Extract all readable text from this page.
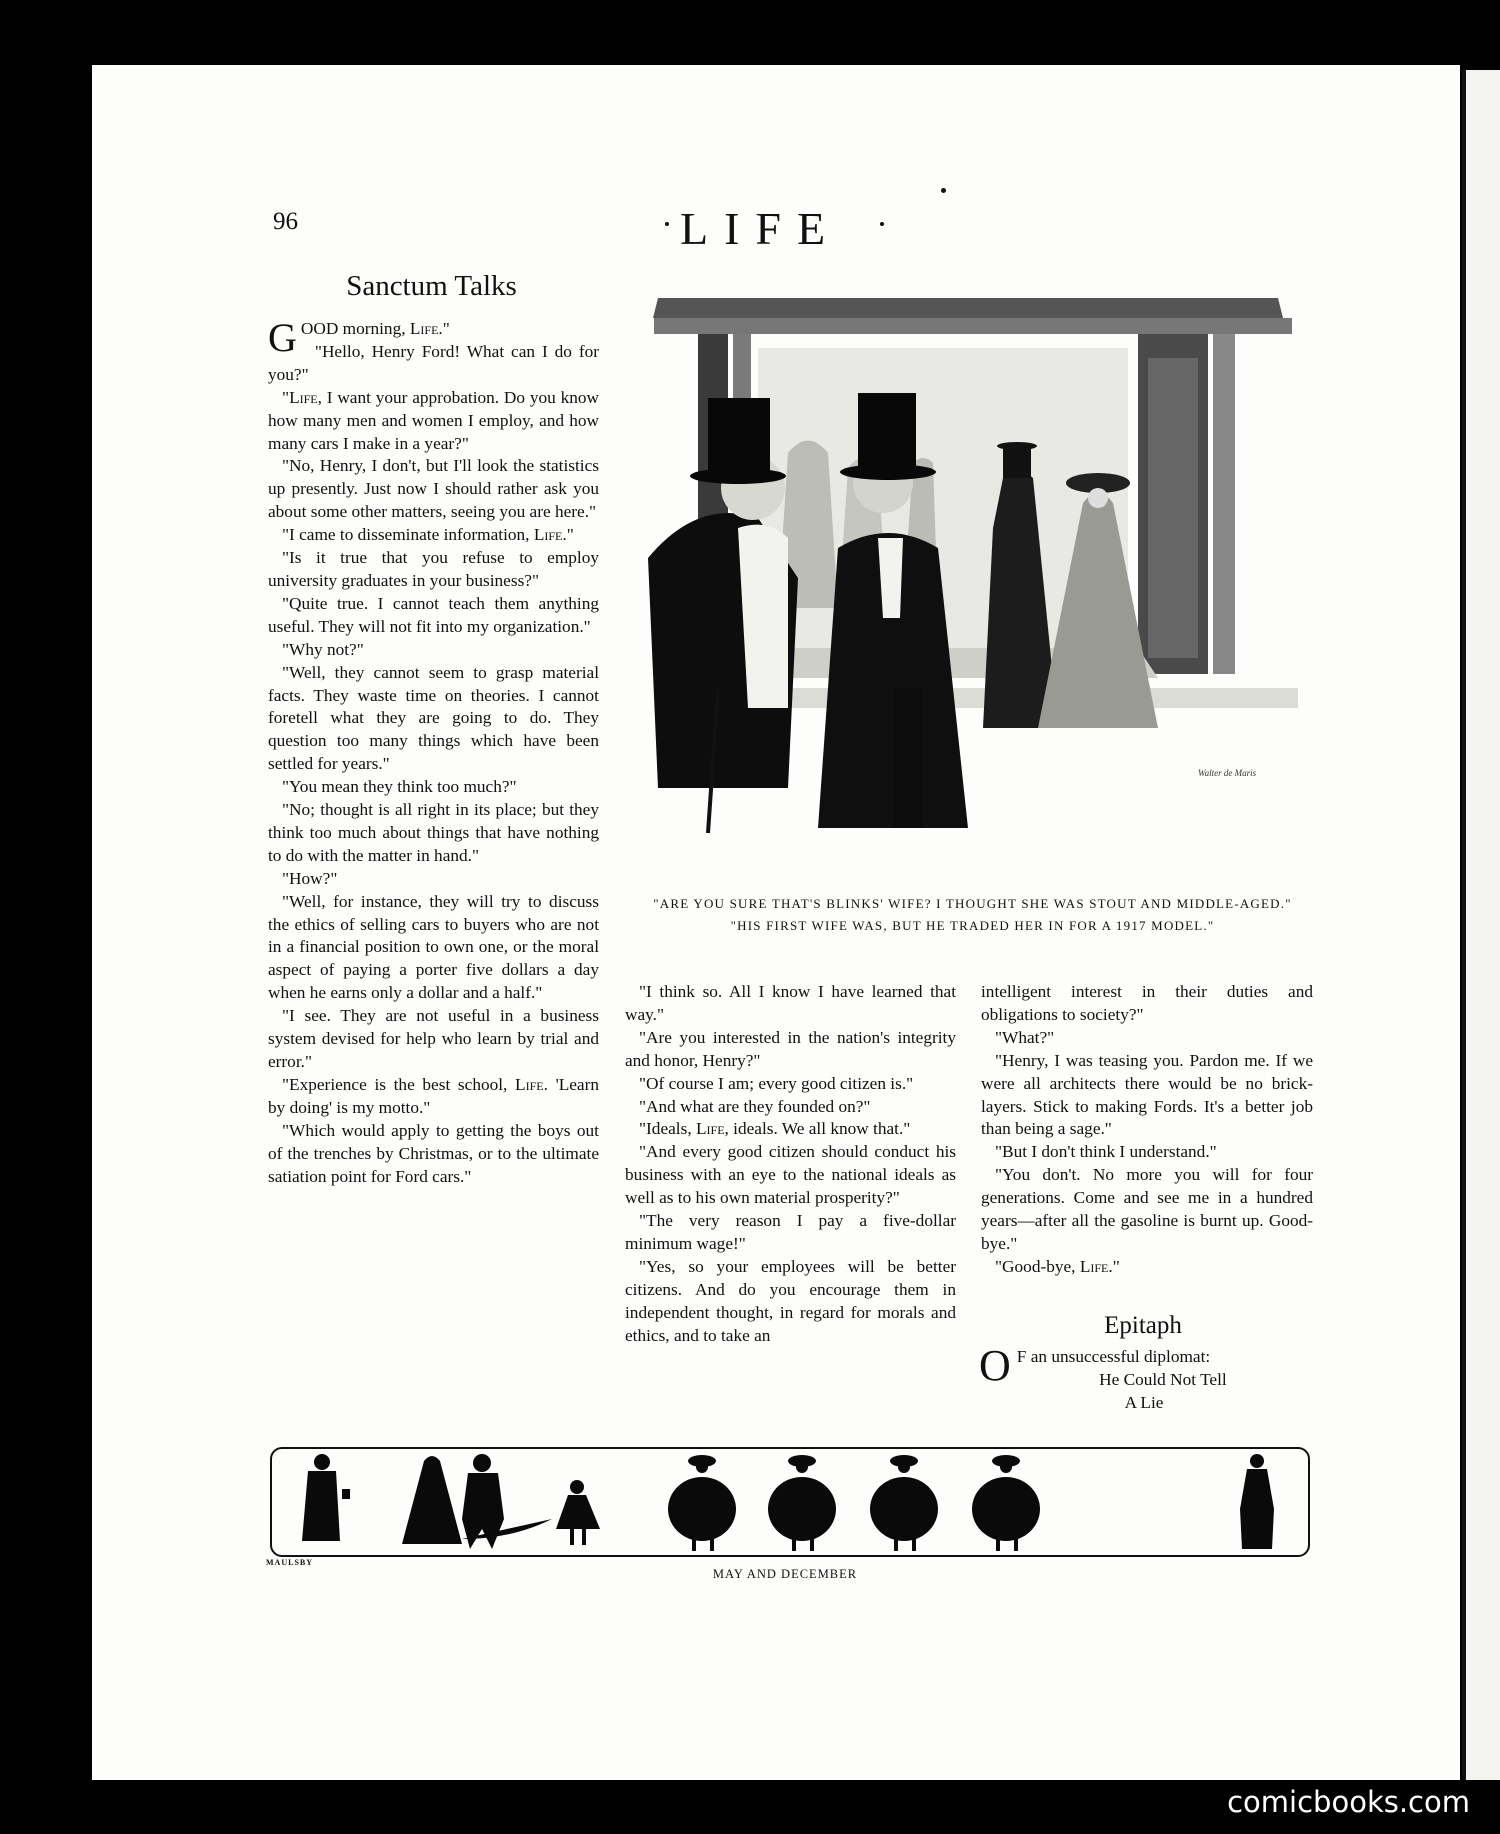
96	LIFE
Sanctum Talks

GOOD morning, Life."

"Hello, Henry Ford! What can I do for you?"

"Life, I want your approbation. Do you know how many men and women I employ, and how many cars I make in a year?"

"No, Henry, I don't, but I'll look the statistics up presently. Just now I should rather ask you about some other matters, seeing you are here."

"I came to disseminate information, Life."

"Is it true that you refuse to employ university graduates in your business?"

"Quite true. I cannot teach them anything useful. They will not fit into my organization."

"Why not?"

"Well, they cannot seem to grasp material facts. They waste time on theories. I cannot foretell what they are going to do. They question too many things which have been settled for years."

"You mean they think too much?"

"No; thought is all right in its place; but they think too much about things that have nothing to do with the matter in hand."

"How?"

"Well, for instance, they will try to discuss the ethics of selling cars to buyers who are not in a financial position to own one, or the moral aspect of paying a porter five dollars a day when he earns only a dollar and a half."

"I see. They are not useful in a business system devised for help who learn by trial and error."

"Experience is the best school, Life. 'Learn by doing' is my motto."

"Which would apply to getting the boys out of the trenches by Christmas, or to the ultimate satiation point for Ford cars."

"I think so. All I know I have learned that way."

"Are you interested in the nation's integrity and honor, Henry?"

"Of course I am; every good citizen is."

"And what are they founded on?"

"Ideals, Life, ideals. We all know that."

"And every good citizen should conduct his business with an eye to the national ideals as well as to his own material prosperity?"

"The very reason I pay a five-dollar minimum wage!"

"Yes, so your employees will be better citizens. And do you encourage them in independent thought, in regard for morals and ethics, and to take an

intelligent interest in their duties and obligations to society?"

"What?"

"Henry, I was teasing you. Pardon me. If we were all architects there would be no brick-layers. Stick to making Fords. It's a better job than being a sage."

"But I don't think I understand."

"You don't. No more you will for four generations. Come and see me in a hundred years—after all the gasoline is burnt up. Good-bye."

"Good-bye, Life."

Walter de Maris
"ARE YOU SURE THAT'S BLINKS' WIFE? I THOUGHT SHE WAS STOUT AND MIDDLE-AGED."
"HIS FIRST WIFE WAS, BUT HE TRADED HER IN FOR A 1917 MODEL."
Epitaph
O F an unsuccessful diplomat:
He Could Not Tell
A Lie
MAULSBY
MAY AND DECEMBER
comicbooks.com
